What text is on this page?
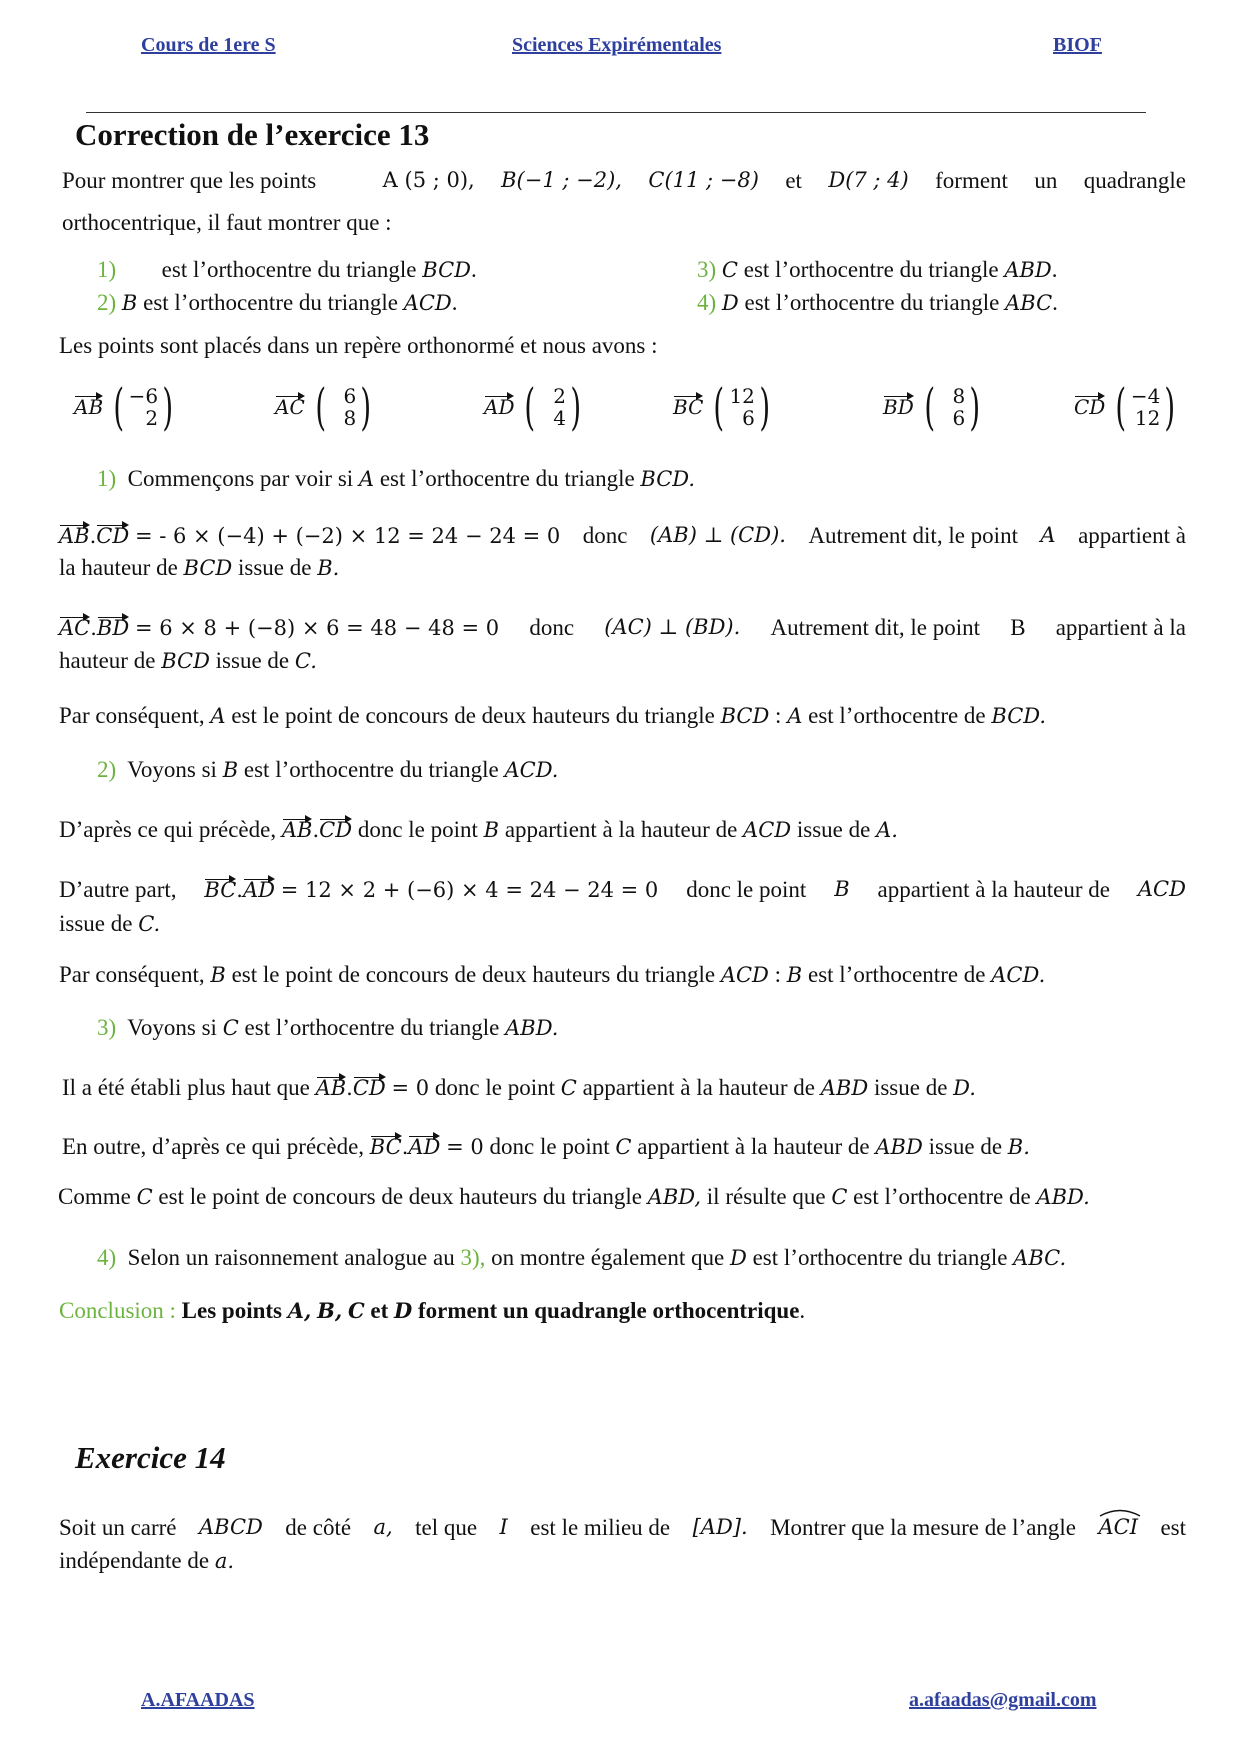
Cours de 1ere S	Sciences Expirémentales	BIOF
Correction de l’exercice 13
Pour montrer que les points	A (5 ; 0), B(−1 ; −2), C(11 ; −8) et D(7 ; 4) forment un quadrangle
orthocentrique, il faut montrer que :
1) est l’orthocentre du triangle BCD.
2) B est l’orthocentre du triangle ACD.
3) C est l’orthocentre du triangle ABD.
4) D est l’orthocentre du triangle ABC.
Les points sont placés dans un repère orthonormé et nous avons :
AB ( −6
2 )	AC ( 6
8 )	AD ( 2
4 )	BC ( 12
6 )	BD ( 8
6 )	CD ( −4
12 )
1) Commençons par voir si A est l’orthocentre du triangle BCD.
AB.CD = - 6 × (−4) + (−2) × 12 = 24 − 24 = 0 donc (AB) ⊥ (CD). Autrement dit, le point A appartient à
la hauteur de BCD issue de B.
AC.BD = 6 × 8 + (−8) × 6 = 48 − 48 = 0 donc (AC) ⊥ (BD). Autrement dit, le point B appartient à la
hauteur de BCD issue de C.
Par conséquent, A est le point de concours de deux hauteurs du triangle BCD : A est l’orthocentre de BCD.
2) Voyons si B est l’orthocentre du triangle ACD.
D’après ce qui précède, AB.CD donc le point B appartient à la hauteur de ACD issue de A.
D’autre part, BC.AD = 12 × 2 + (−6) × 4 = 24 − 24 = 0 donc le point B appartient à la hauteur de ACD
issue de C.
Par conséquent, B est le point de concours de deux hauteurs du triangle ACD : B est l’orthocentre de ACD.
3) Voyons si C est l’orthocentre du triangle ABD.
Il a été établi plus haut que AB.CD = 0 donc le point C appartient à la hauteur de ABD issue de D.
En outre, d’après ce qui précède, BC.AD = 0 donc le point C appartient à la hauteur de ABD issue de B.
Comme C est le point de concours de deux hauteurs du triangle ABD, il résulte que C est l’orthocentre de ABD.
4) Selon un raisonnement analogue au 3), on montre également que D est l’orthocentre du triangle ABC.
Conclusion : Les points A, B, C et D forment un quadrangle orthocentrique.
Exercice 14
Soit un carré ABCD de côté a, tel que I est le milieu de [AD]. Montrer que la mesure de l’angle ACI est
indépendante de a.
A.AFAADAS	a.afaadas@gmail.com
